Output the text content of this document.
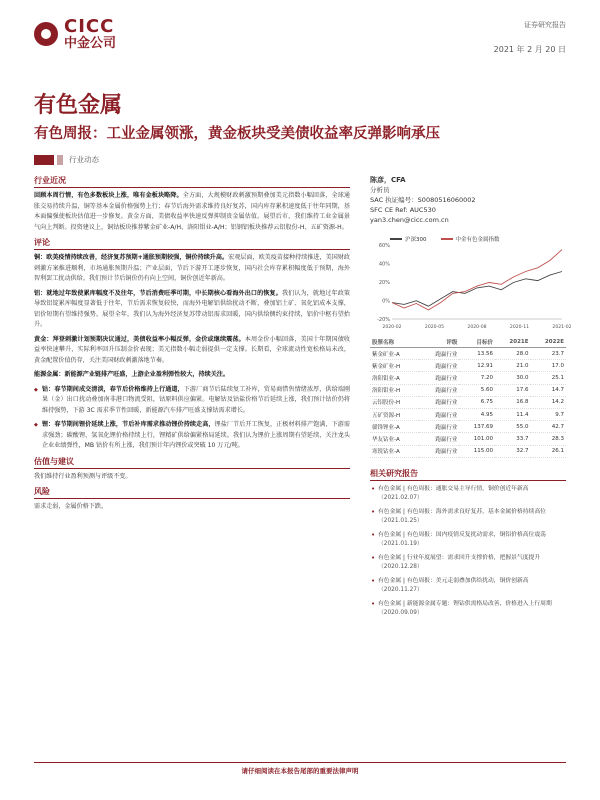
CICC
中金公司
证券研究报告
2021 年 2 月 20 日
有色金属
有色周报：工业金属领涨，黄金板块受美债收益率反弹影响承压
行业动态
行业近况
回顾本周行情，有色多数板块上涨，唯有金板块略降。全方面，大规模财政刺激预期叠加美元指数小幅回落，全球通胀交易持续升温，铜等基本金属价格强势上行；春节后海外需求维持良好复苏，国内库存累积速度低于往年同期，基本面偏强使板块估值进一步修复。黄金方面，美债收益率快速反弹抑制贵金属估值。展望后市，我们维持工业金属景气向上判断。投资建议上，铜钴板块推荐紫金矿业-A/H、洛阳钼业-A/H；铝钢铝板块推荐云铝股份-H、五矿资源-H。
评论
铜：欧美疫情持续改善，经济复苏预期+通胀预期较强，铜价持续升高。宏观层面，欧美疫苗接种持续推进，美国财政刺激方案推进顺利，市场通胀预期升温；产业层面，节后下游开工逐步恢复，国内社会库存累积幅度低于预期，海外智利罢工扰动供给。我们预计节后铜价仍有向上空间，铜价创近年新高。
铝：就地过年致使累库幅度不及往年，节后消费旺季可期，中长期核心看海外出口的恢复。我们认为，就地过年政策导致铝锭累库幅度显著低于往年，节后需求恢复较快，而海外电解铝供给扰动不断，叠加铝土矿、氧化铝成本支撑，铝价短期有望维持强势。展望全年，我们认为海外经济复苏带动铝需求回暖，国内供给侧约束持续，铝价中枢有望抬升。
黄金：拜登刺激计划预期决议通过，美债收益率小幅反弹，金价或继续震荡。本周金价小幅回落，美国十年期国债收益率快速攀升，实际利率回升压制金价表现；美元指数小幅走弱提供一定支撑。长期看，全球流动性宽松格局未改，黄金配置价值仍存，关注美国财政刺激落地节奏。
能源金属：新能源产业链排产旺盛，上游企业盈利弹性较大，持续关注。
◆ 钴：春节期间成交清淡，春节后价格维持上行通道，下游厂商节后陆续复工补库，贸易商惜售情绪浓厚，供给端刚果（金）出口扰动叠加南非港口物流受阻，钴原料供应偏紧。电解钴及钴盐价格节后延续上涨，我们预计钴价仍将维持强势，下游 3C 需求季节性回暖，新能源汽车排产旺盛支撑钴需求增长。
◆ 锂：春节期间锂价延续上涨，节后补库需求推动锂价持续走高，锂盐厂节后开工恢复，正极材料排产饱满，下游需求强劲；碳酸锂、氢氧化锂价格持续上行，锂精矿供给偏紧格局延续。我们认为锂价上涨周期有望延续，关注龙头企业业绩弹性，MB 钴价有所上涨，我们预计年内锂价或突破 10 万元/吨。
估值与建议
我们维持行业盈利预测与评级不变。
风险
需求走弱，金属价格下跌。
陈彦，CFA
分析员
SAC 执证编号：S0080516060002
SFC CE Ref: AUC530
yan3.chen@cicc.com.cn
沪深300	中金有色金属指数
60%
40%
20%
0%
-20%
2020-02	2020-05	2020-08	2020-11	2021-02
股票名称	评级	目标价	2021E	2022E
紫金矿业-A	跑赢行业	13.56	28.0	23.7
紫金矿业-H	跑赢行业	12.91	21.0	17.0
洛阳钼业-A	跑赢行业	7.20	30.0	25.1
洛阳钼业-H	跑赢行业	5.60	17.6	14.7
云铝股份-H	跑赢行业	6.75	16.8	14.2
五矿资源-H	跑赢行业	4.95	11.4	9.7
赣锋锂业-A	跑赢行业	137.69	55.0	42.7
华友钴业-A	跑赢行业	101.00	33.7	28.3
寒锐钴业-A	跑赢行业	115.00	32.7	26.1
相关研究报告
• 有色金属 | 有色周报：通胀交易主导行情，铜价创近年新高
（2021.02.07）
• 有色金属 | 有色周报：海外需求良好复苏，基本金属价格持续高位
（2021.01.25）
• 有色金属 | 有色周报：国内疫情反复扰动需求，铜铝价格高位震荡
（2021.01.19）
• 有色金属 | 行业年度展望：需求回升支撑价格，把握景气度提升
（2020.12.28）
• 有色金属 | 有色周报：美元走弱叠加供给扰动，铜价创新高
（2020.11.27）
• 有色金属 | 新能源金属专题：锂钴供需格局改善，价格进入上行周期
（2020.09.09）
请仔细阅读在本报告尾部的重要法律声明
